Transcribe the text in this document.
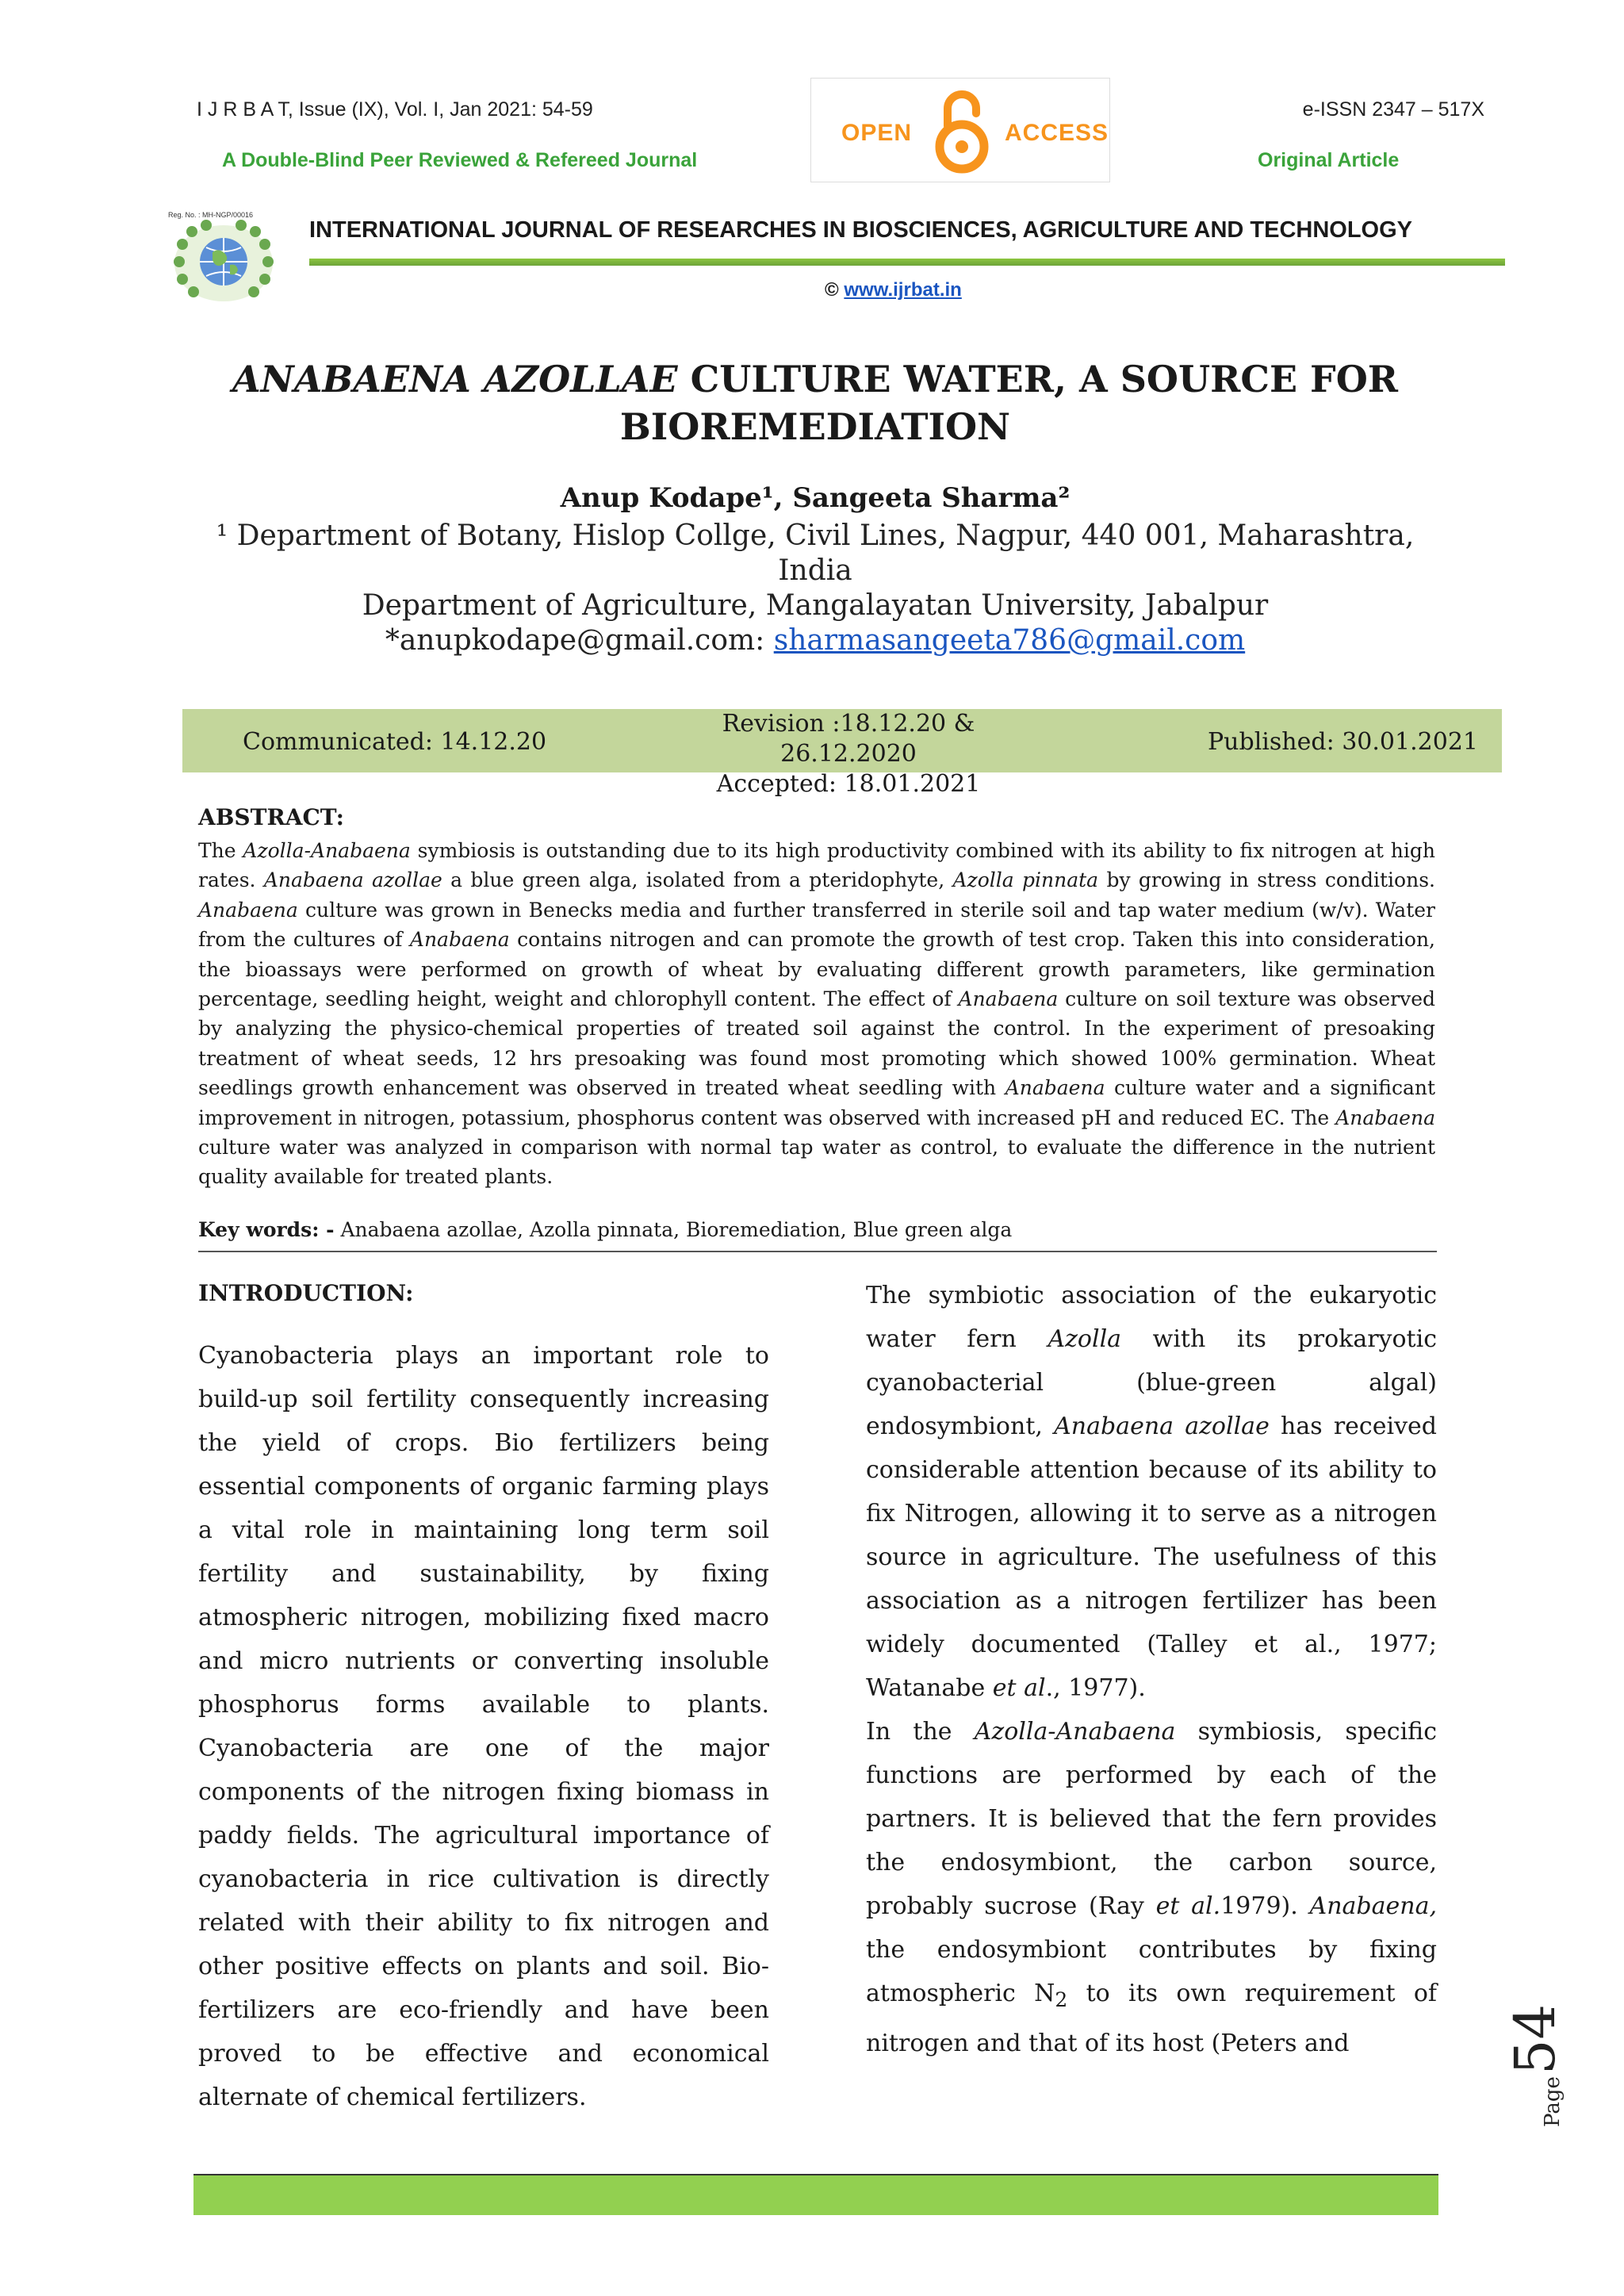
I J R B A T, Issue (IX), Vol. I, Jan 2021: 54-59
A Double-Blind Peer Reviewed & Refereed Journal
e-ISSN 2347 – 517X
Original Article
OPEN	ACCESS
Reg. No. : MH-NGP/00016
INTERNATIONAL JOURNAL OF RESEARCHES IN BIOSCIENCES, AGRICULTURE AND TECHNOLOGY
© www.ijrbat.in
ANABAENA AZOLLAE CULTURE WATER, A SOURCE FOR
BIOREMEDIATION
Anup Kodape¹, Sangeeta Sharma²
¹ Department of Botany, Hislop Collge, Civil Lines, Nagpur, 440 001, Maharashtra, India
Department of Agriculture, Mangalayatan University, Jabalpur
*anupkodape@gmail.com: sharmasangeeta786@gmail.com
Communicated: 14.12.20
Revision :18.12.20 & 26.12.2020
Accepted: 18.01.2021
Published: 30.01.2021
ABSTRACT:
The Azolla-Anabaena symbiosis is outstanding due to its high productivity combined with its ability to fix nitrogen at high rates. Anabaena azollae a blue green alga, isolated from a pteridophyte, Azolla pinnata by growing in stress conditions. Anabaena culture was grown in Benecks media and further transferred in sterile soil and tap water medium (w/v). Water from the cultures of Anabaena contains nitrogen and can promote the growth of test crop. Taken this into consideration, the bioassays were performed on growth of wheat by evaluating different growth parameters, like germination percentage, seedling height, weight and chlorophyll content. The effect of Anabaena culture on soil texture was observed by analyzing the physico-chemical properties of treated soil against the control. In the experiment of presoaking treatment of wheat seeds, 12 hrs presoaking was found most promoting which showed 100% germination. Wheat seedlings growth enhancement was observed in treated wheat seedling with Anabaena culture water and a significant improvement in nitrogen, potassium, phosphorus content was observed with increased pH and reduced EC. The Anabaena culture water was analyzed in comparison with normal tap water as control, to evaluate the difference in the nutrient quality available for treated plants.
Key words: - Anabaena azollae, Azolla pinnata, Bioremediation, Blue green alga
INTRODUCTION:
Cyanobacteria plays an important role to build-up soil fertility consequently increasing the yield of crops. Bio fertilizers being essential components of organic farming plays a vital role in maintaining long term soil fertility and sustainability, by fixing atmospheric nitrogen, mobilizing fixed macro and micro nutrients or converting insoluble phosphorus forms available to plants. Cyanobacteria are one of the major components of the nitrogen fixing biomass in paddy fields. The agricultural importance of cyanobacteria in rice cultivation is directly related with their ability to fix nitrogen and other positive effects on plants and soil. Bio-fertilizers are eco-friendly and have been proved to be effective and economical alternate of chemical fertilizers.
The symbiotic association of the eukaryotic water fern Azolla with its prokaryotic cyanobacterial (blue-green algal) endosymbiont, Anabaena azollae has received considerable attention because of its ability to fix Nitrogen, allowing it to serve as a nitrogen source in agriculture. The usefulness of this association as a nitrogen fertilizer has been widely documented (Talley et al., 1977; Watanabe et al., 1977).
In the Azolla-Anabaena symbiosis, specific functions are performed by each of the partners. It is believed that the fern provides the endosymbiont, the carbon source, probably sucrose (Ray et al.1979). Anabaena, the endosymbiont contributes by fixing atmospheric $N_2$ to its own requirement of nitrogen and that of its host (Peters and	54
Page
